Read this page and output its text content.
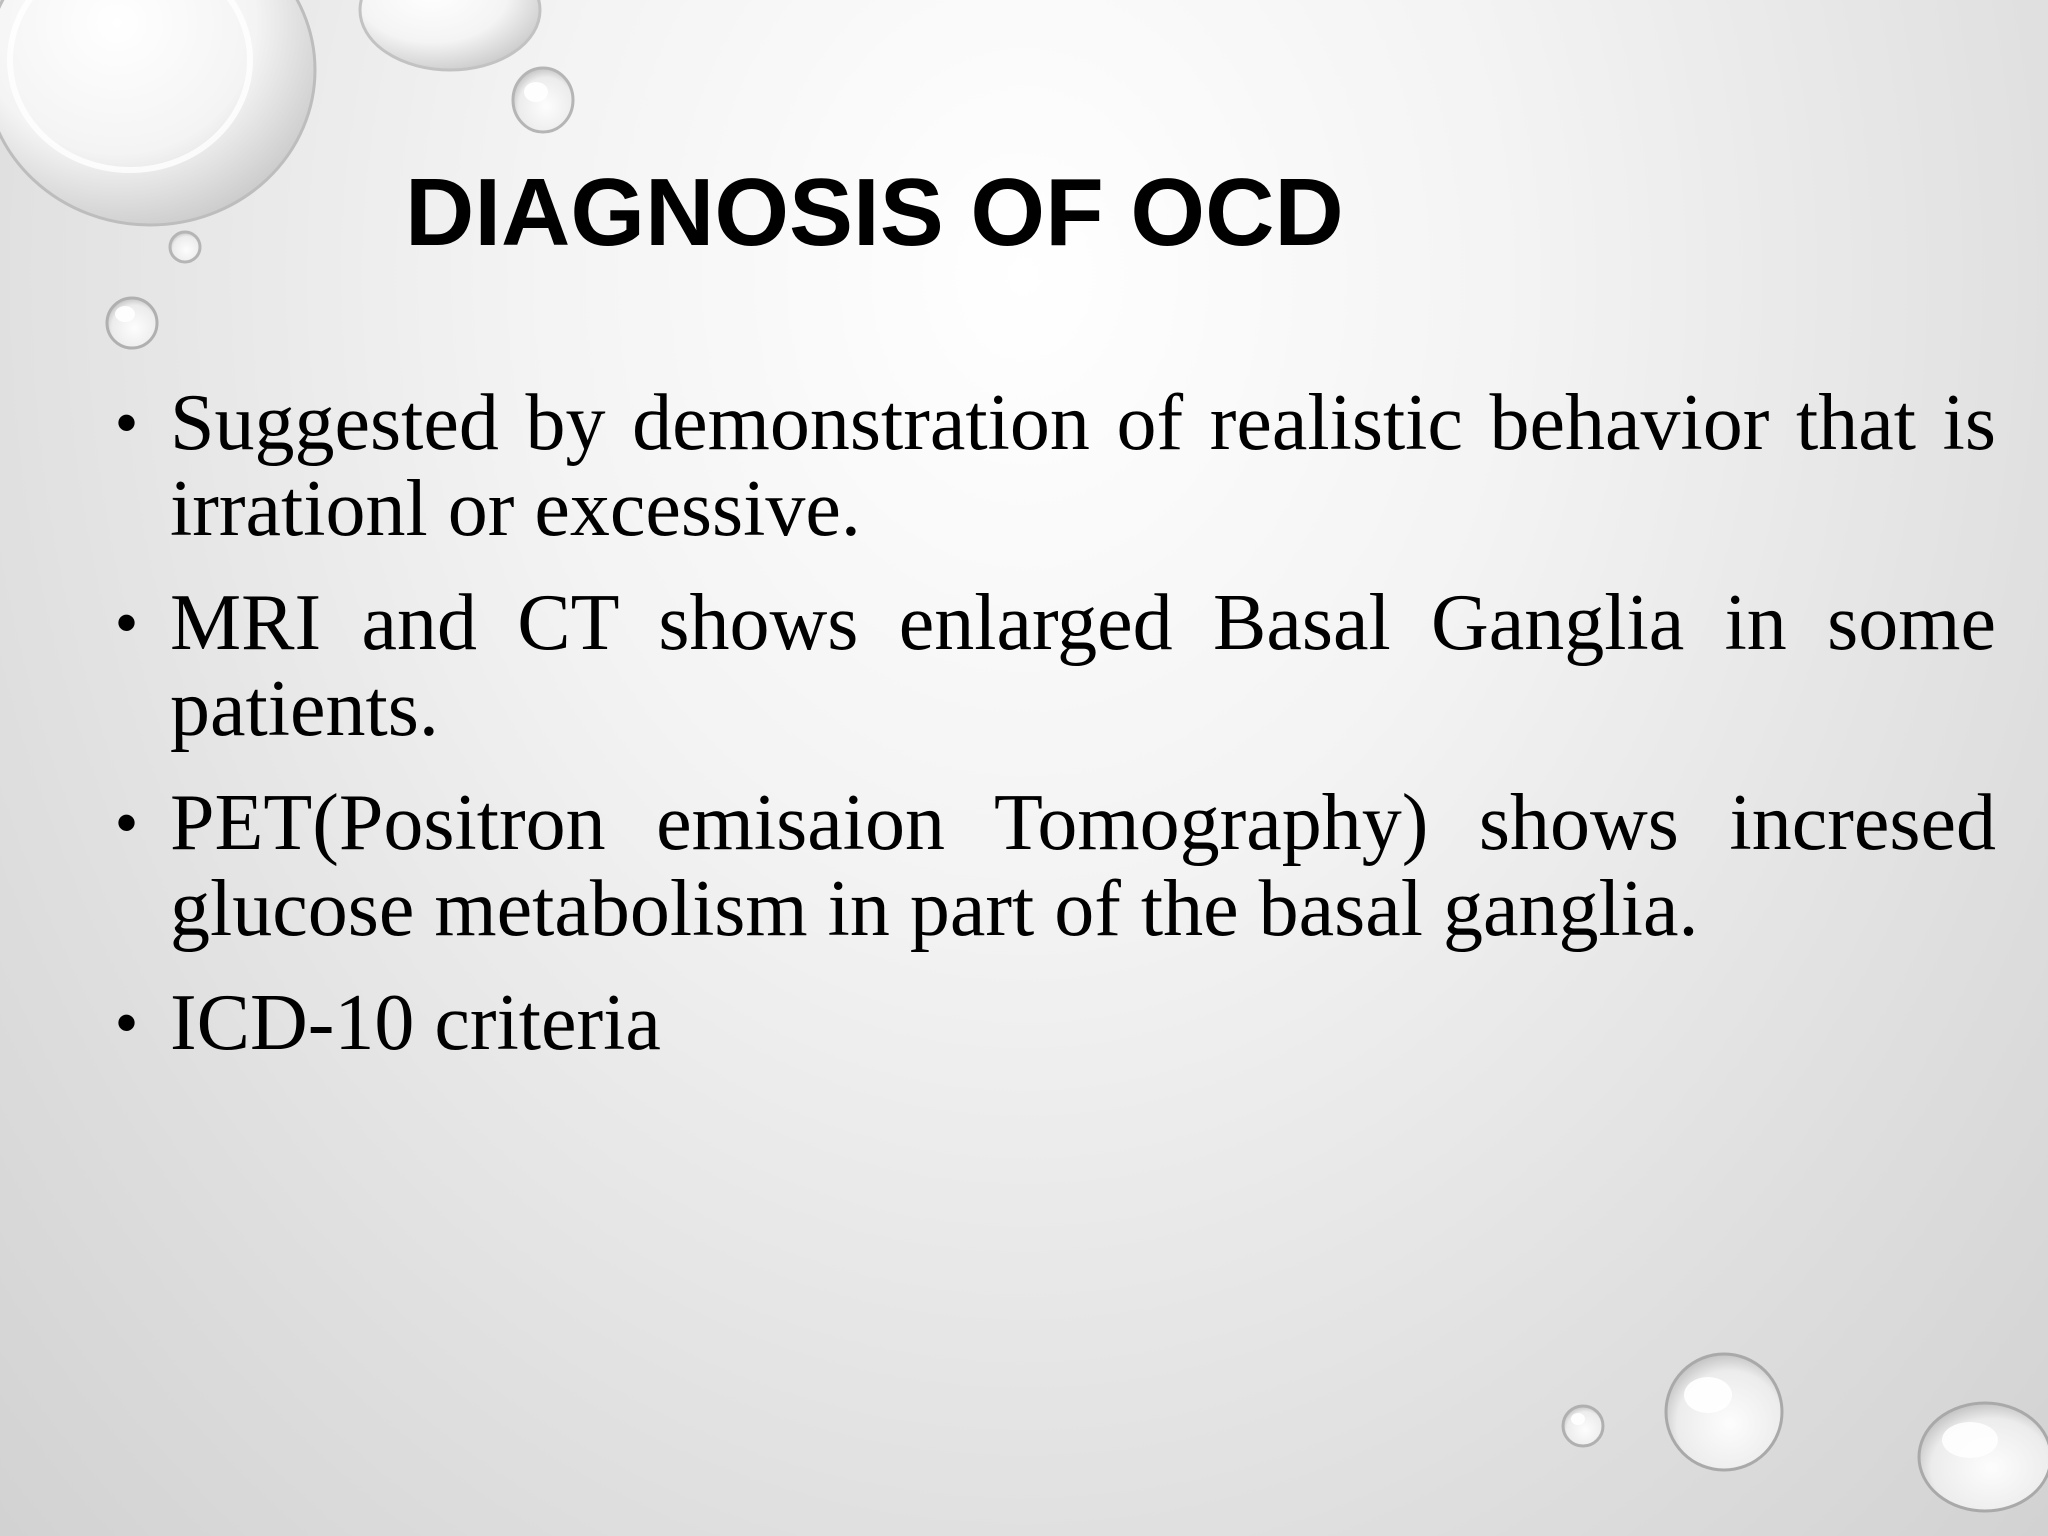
DIAGNOSIS OF OCD
• Suggested by demonstration of realistic behavior that is irrationl or excessive.
• MRI and CT shows enlarged Basal Ganglia in some patients.
• PET(Positron emisaion Tomography) shows incresed glucose metabolism in part of the basal ganglia.
• ICD-10 criteria
